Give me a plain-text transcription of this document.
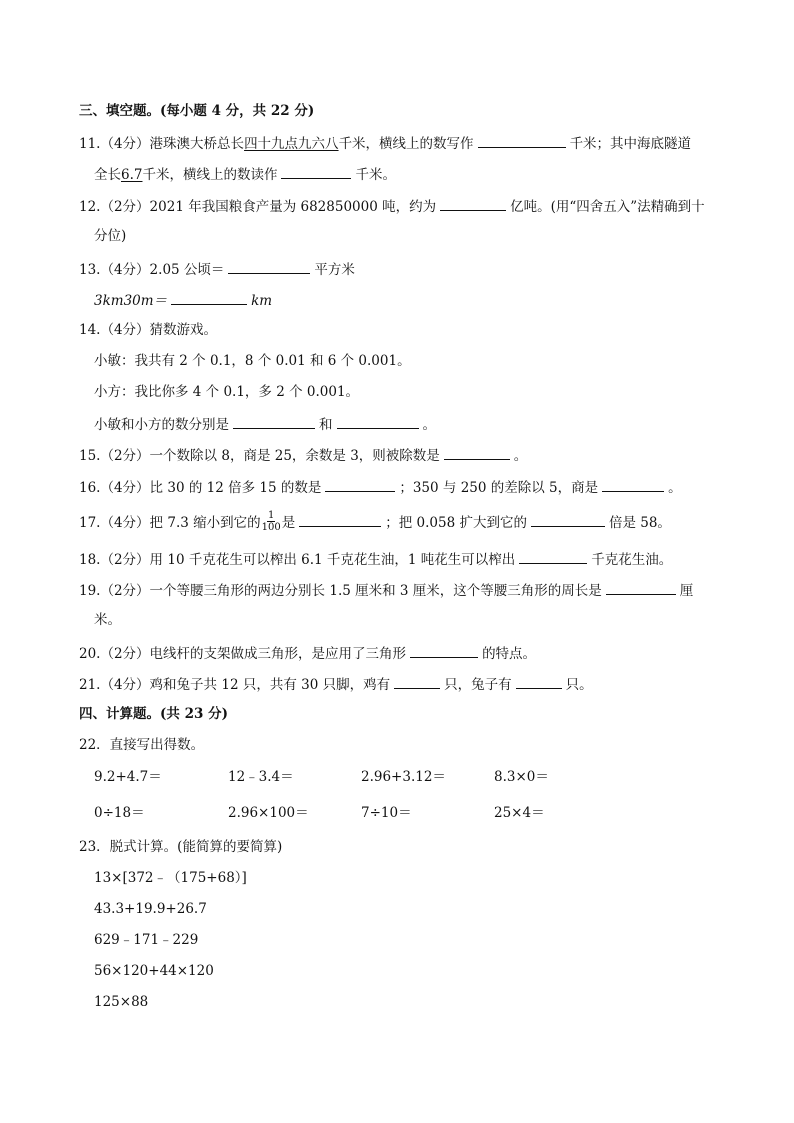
三、填空题。(每小题 4 分，共 22 分)
11.（4分）港珠澳大桥总长四十九点九六八千米，横线上的数写作	千米；其中海底隧道
全长6.7千米，横线上的数读作	千米。
12.（2分）2021 年我国粮食产量为 682850000 吨，约为	亿吨。(用“四舍五入”法精确到十
分位)
13.（4分）2.05 公顷＝	平方米
3km30m＝	km
14.（4分）猜数游戏。
小敏：我共有 2 个 0.1，8 个 0.01 和 6 个 0.001。
小方：我比你多 4 个 0.1，多 2 个 0.001。
小敏和小方的数分别是	和	。
15.（2分）一个数除以 8，商是 25，余数是 3，则被除数是	。
16.（4分）比 30 的 12 倍多 15 的数是	；350 与 250 的差除以 5，商是	。
17.（4分）把 7.3 缩小到它的 $\frac{1}{100}$ 是	；把 0.058 扩大到它的	倍是 58。
18.（2分）用 10 千克花生可以榨出 6.1 千克花生油，1 吨花生可以榨出	千克花生油。
19.（2分）一个等腰三角形的两边分别长 1.5 厘米和 3 厘米，这个等腰三角形的周长是	厘
米。
20.（2分）电线杆的支架做成三角形，是应用了三角形	的特点。
21.（4分）鸡和兔子共 12 只，共有 30 只脚，鸡有	只，兔子有	只。
四、计算题。(共 23 分)
22．直接写出得数。
9.2+4.7＝	12﹣3.4＝	2.96+3.12＝	8.3×0＝
0÷18＝	2.96×100＝	7÷10＝	25×4＝
23．脱式计算。(能简算的要简算)
13×[372﹣（175+68）]
43.3+19.9+26.7
629﹣171﹣229
56×120+44×120
125×88
